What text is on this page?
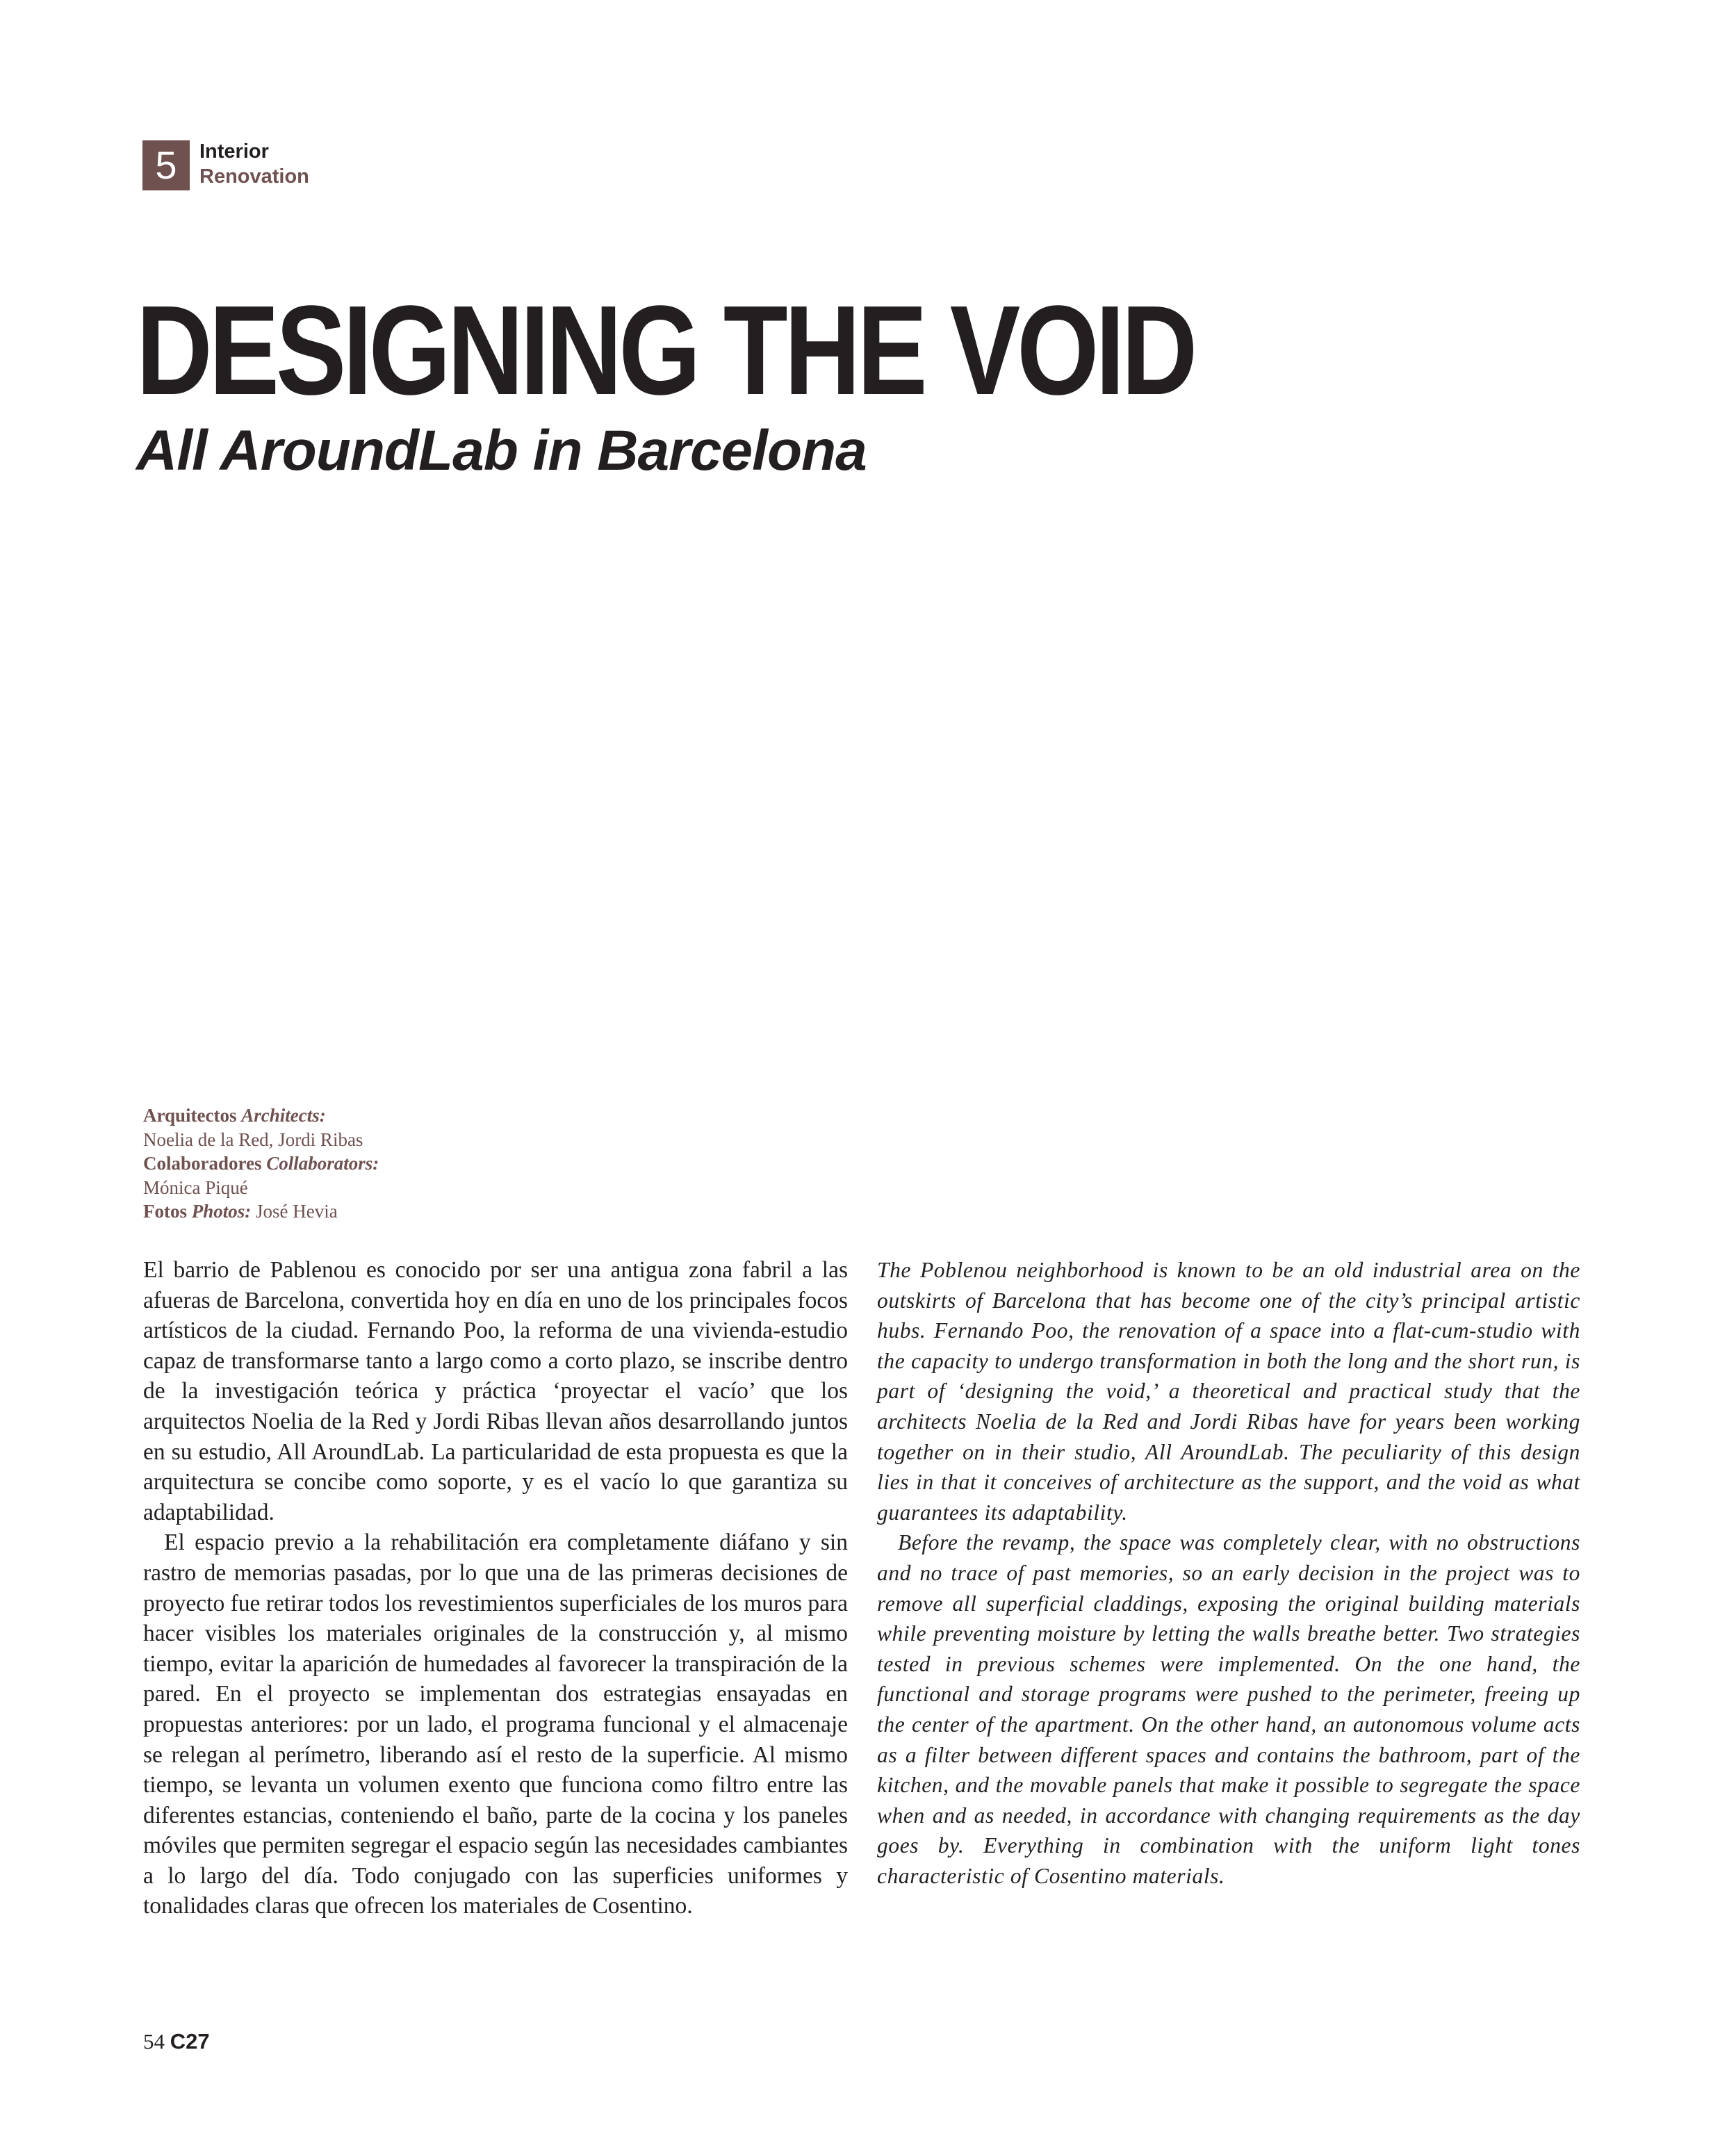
5	Interior
Renovation
DESIGNING THE VOID
All AroundLab in Barcelona
Arquitectos Architects:
Noelia de la Red, Jordi Ribas
Colaboradores Collaborators:
Mónica Piqué
Fotos Photos: José Hevia

El barrio de Pablenou es conocido por ser una antigua zona fabril a las afueras de Barcelona, convertida hoy en día en uno de los principales focos artísticos de la ciudad. Fernando Poo, la reforma de una vivienda-estudio capaz de transformarse tanto a largo como a corto plazo, se inscribe dentro de la investigación teórica y práctica ‘proyectar el vacío’ que los arquitectos Noelia de la Red y Jordi Ribas llevan años desarrollando juntos en su estudio, All AroundLab. La particularidad de esta propuesta es que la arquitectura se concibe como soporte, y es el vacío lo que garantiza su adaptabilidad.

El espacio previo a la rehabilitación era completamente diáfano y sin rastro de memorias pasadas, por lo que una de las primeras decisiones de proyecto fue retirar todos los revestimientos superficiales de los muros para hacer visibles los materiales originales de la construcción y, al mismo tiempo, evitar la aparición de humedades al favorecer la transpiración de la pared. En el proyecto se implementan dos estrategias ensayadas en propuestas anteriores: por un lado, el programa funcional y el almacenaje se relegan al perímetro, liberando así el resto de la superficie. Al mismo tiempo, se levanta un volumen exento que funciona como filtro entre las diferentes estancias, conteniendo el baño, parte de la cocina y los paneles móviles que permiten segregar el espacio según las necesidades cambiantes a lo largo del día. Todo conjugado con las superficies uniformes y tonalidades claras que ofrecen los materiales de Cosentino.

The Poblenou neighborhood is known to be an old industrial area on the outskirts of Barcelona that has become one of the city’s principal artistic hubs. Fernando Poo, the renovation of a space into a flat-cum-studio with the capacity to undergo transformation in both the long and the short run, is part of ‘designing the void,’ a theoretical and practical study that the architects Noelia de la Red and Jordi Ribas have for years been working together on in their studio, All AroundLab. The peculiarity of this design lies in that it conceives of architecture as the support, and the void as what guarantees its adaptability.

Before the revamp, the space was completely clear, with no obstructions and no trace of past memories, so an early decision in the project was to remove all superficial claddings, exposing the original building materials while preventing moisture by letting the walls breathe better. Two strategies tested in previous schemes were implemented. On the one hand, the functional and storage programs were pushed to the perimeter, freeing up the center of the apartment. On the other hand, an autonomous volume acts as a filter between different spaces and contains the bathroom, part of the kitchen, and the movable panels that make it possible to segregate the space when and as needed, in accordance with changing requirements as the day goes by. Everything in combination with the uniform light tones characteristic of Cosentino materials.

54 C27
